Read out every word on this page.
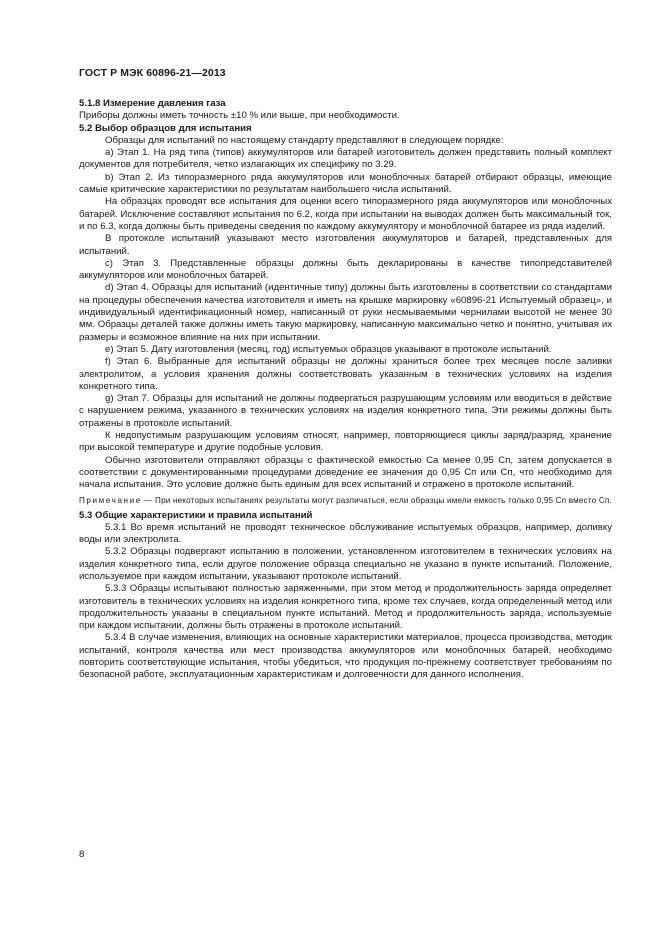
ГОСТ Р МЭК 60896-21—2013

5.1.8 Измерение давления газа

Приборы должны иметь точность ±10 % или выше, при необходимости.

5.2 Выбор образцов для испытания

Образцы для испытаний по настоящему стандарту представляют в следующем порядке:

a) Этап 1. На ряд типа (типов) аккумуляторов или батарей изготовитель должен представить полный комплект документов для потребителя, четко излагающих их специфику по 3.29.

b) Этап 2. Из типоразмерного ряда аккумуляторов или моноблочных батарей отбирают образцы, имеющие самые критические характеристики по результатам наибольшего числа испытаний.

На образцах проводят все испытания для оценки всего типоразмерного ряда аккумуляторов или моноблочных батарей. Исключение составляют испытания по 6.2, когда при испытании на выводах должен быть максимальный ток, и по 6.3, когда должны быть приведены сведения по каждому аккумулятору и моноблочной батарее из ряда изделий.

В протоколе испытаний указывают место изготовления аккумуляторов и батарей, представленных для испытаний.

c) Этап 3. Представленные образцы должны быть декларированы в качестве типопредставителей аккумуляторов или моноблочных батарей.

d) Этап 4. Образцы для испытаний (идентичные типу) должны быть изготовлены в соответствии со стандартами на процедуры обеспечения качества изготовителя и иметь на крышке маркировку «60896-21 Испытуемый образец», и индивидуальный идентификационный номер, написанный от руки несмываемыми чернилами высотой не менее 30 мм. Образцы деталей также должны иметь такую маркировку, написанную максимально четко и понятно, учитывая их размеры и возможное влияние на них при испытании.

e) Этап 5. Дату изготовления (месяц, год) испытуемых образцов указывают в протоколе испытаний.

f) Этап 6. Выбранные для испытаний образцы не должны храниться более трех месяцев после заливки электролитом, а условия хранения должны соответствовать указанным в технических условиях на изделия конкретного типа.

g) Этап 7. Образцы для испытаний не должны подвергаться разрушающим условиям или вводиться в действие с нарушением режима, указанного в технических условиях на изделия конкретного типа. Эти режимы должны быть отражены в протоколе испытаний.

К недопустимым разрушающим условиям относят, например, повторяющиеся циклы заряд/разряд, хранение при высокой температуре и другие подобные условия.

Обычно изготовители отправляют образцы с фактической емкостью Cа менее 0,95 Cп, затем допускается в соответствии с документированными процедурами доведение ее значения до 0,95 Cп или Cп, что необходимо для начала испытания. Это условие должно быть единым для всех испытаний и отражено в протоколе испытаний.

Примечание — При некоторых испытаниях результаты могут различаться, если образцы имели емкость только 0,95 Cп вместо Cп.

5.3 Общие характеристики и правила испытаний

5.3.1 Во время испытаний не проводят техническое обслуживание испытуемых образцов, например, доливку воды или электролита.

5.3.2 Образцы подвергают испытанию в положении, установленном изготовителем в технических условиях на изделия конкретного типа, если другое положение образца специально не указано в пункте испытаний. Положение, используемое при каждом испытании, указывают протоколе испытаний.

5.3.3 Образцы испытывают полностью заряженными, при этом метод и продолжительность заряда определяет изготовитель в технических условиях на изделия конкретного типа, кроме тех случаев, когда определенный метод или продолжительность указаны в специальном пункте испытаний. Метод и продолжительность заряда, используемые при каждом испытании, должны быть отражены в протоколе испытаний.

5.3.4 В случае изменения, влияющих на основные характеристики материалов, процесса производства, методик испытаний, контроля качества или мест производства аккумуляторов или моноблочных батарей, необходимо повторить соответствующие испытания, чтобы убедиться, что продукция по-прежнему соответствует требованиям по безопасной работе, эксплуатационным характеристикам и долговечности для данного исполнения.

8
